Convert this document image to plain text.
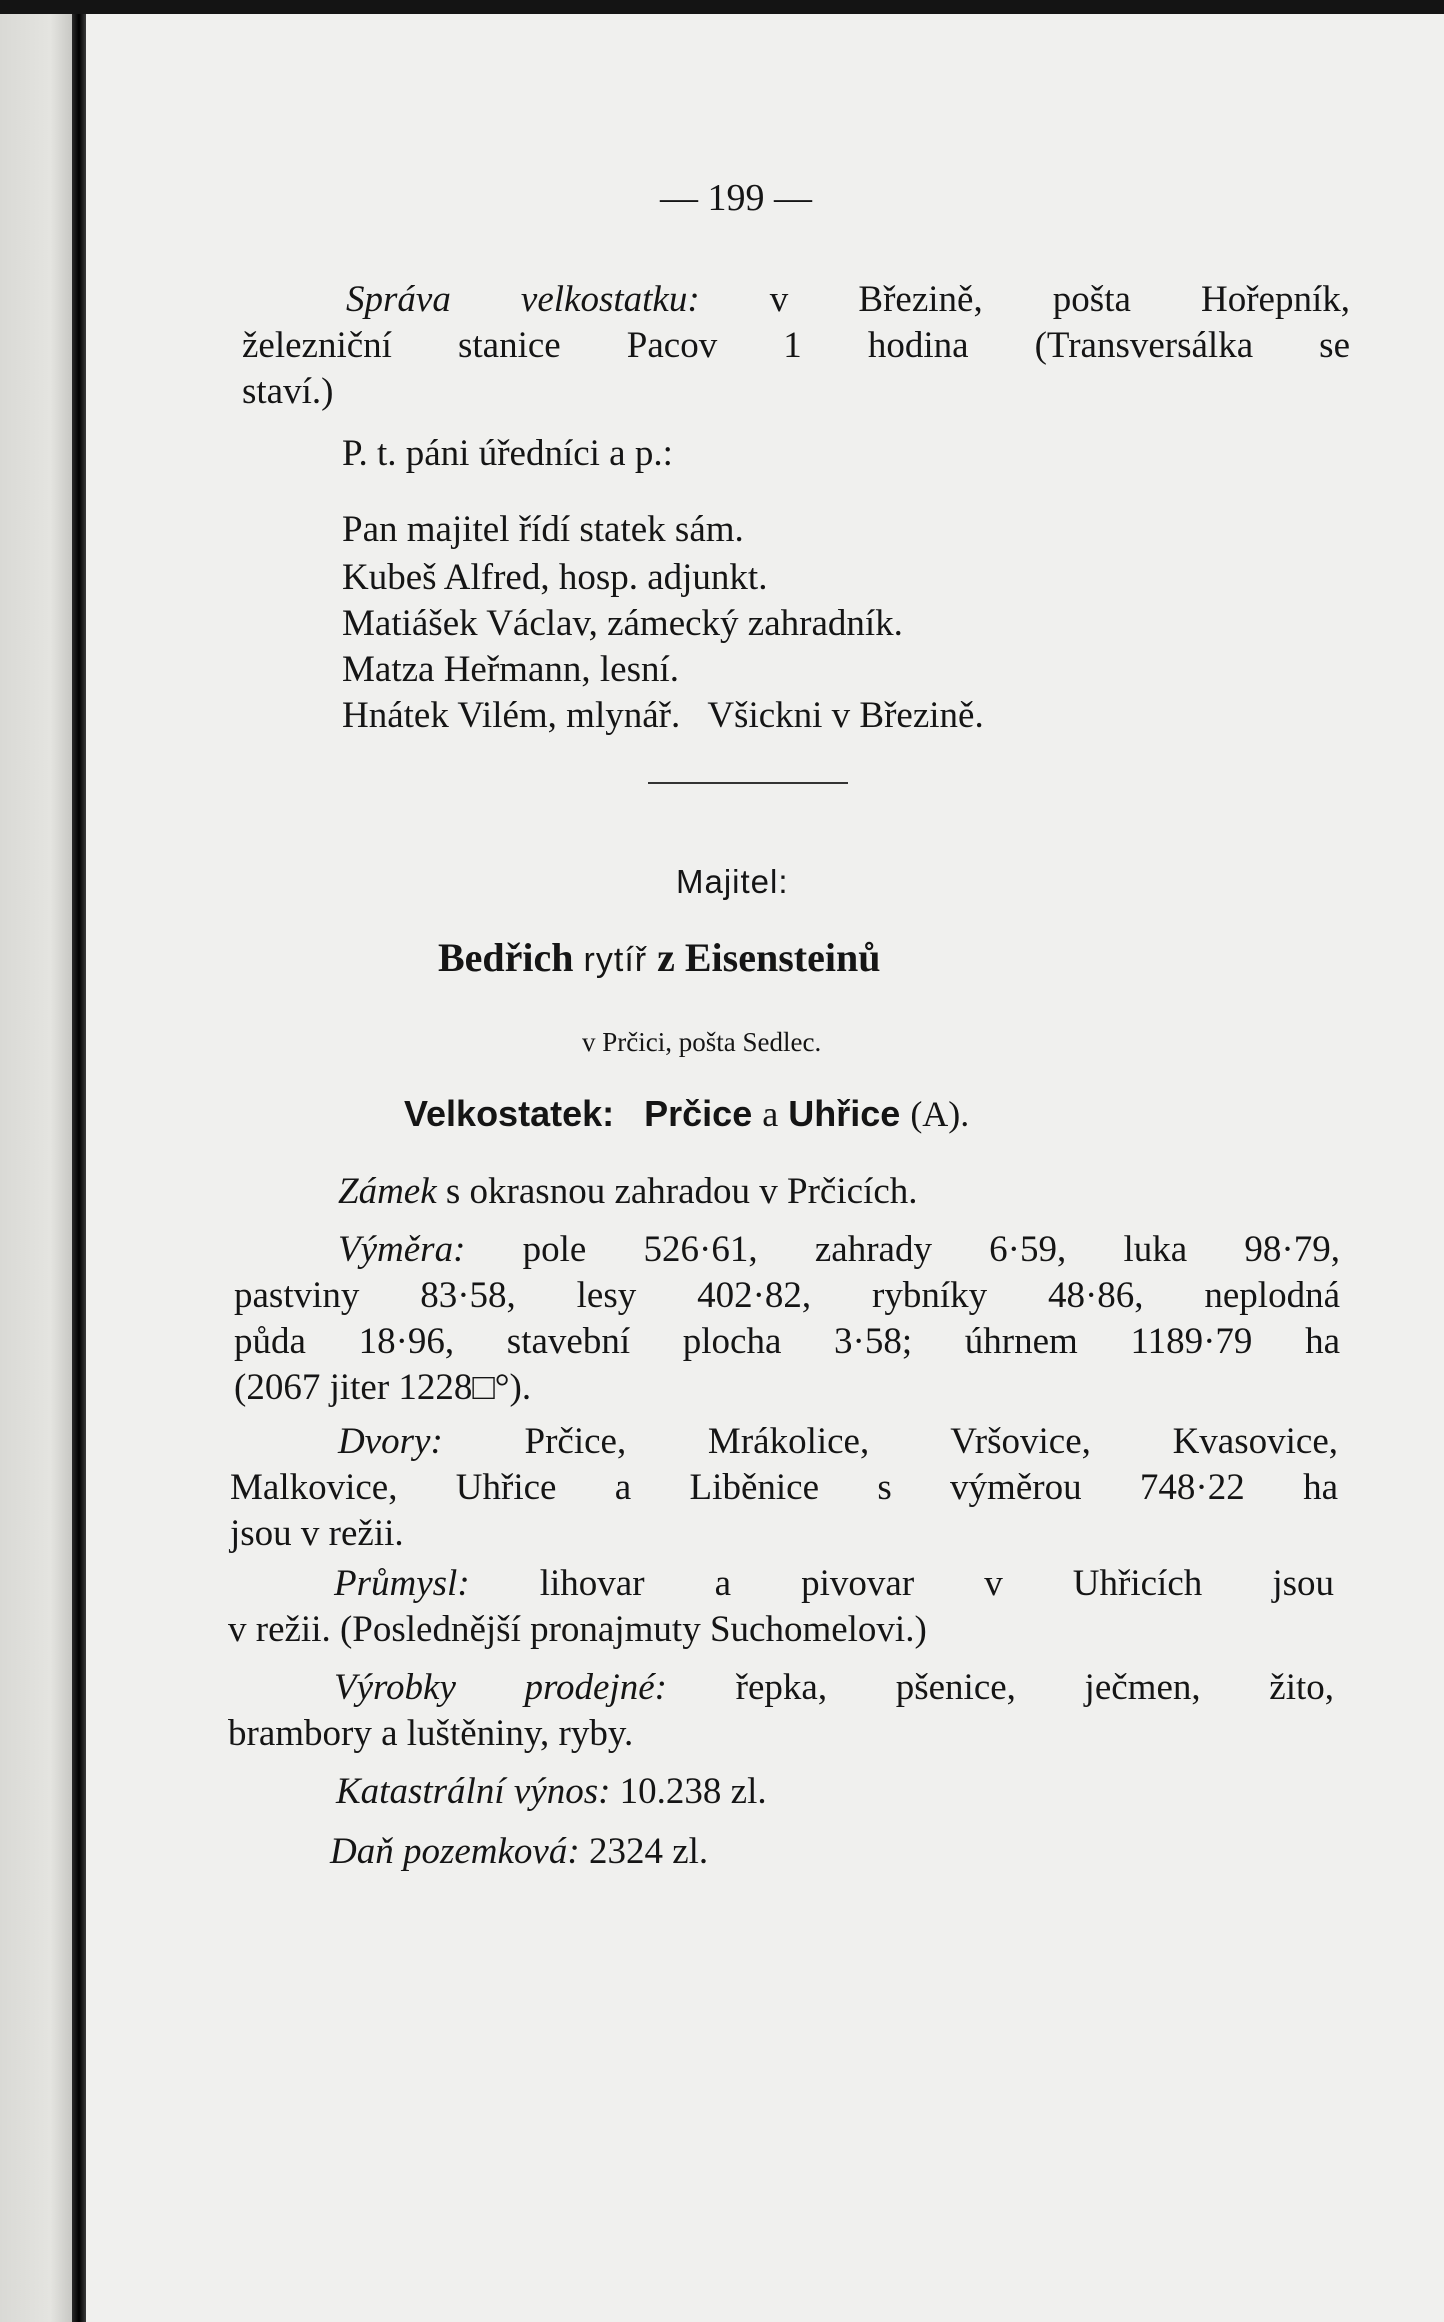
— 199 —
Správa velkostatku: v Březině, pošta Hořepník,
železniční stanice Pacov 1 hodina (Transversálka se
staví.)
P. t. páni úředníci a p.:
Pan majitel řídí statek sám.
Kubeš Alfred, hosp. adjunkt.
Matiášek Václav, zámecký zahradník.
Matza Heřmann, lesní.
Hnátek Vilém, mlynář.   Všickni v Březině.
Majitel:
Bedřich rytíř z Eisensteinů
v Prčici, pošta Sedlec.
Velkostatek: Prčice a Uhřice (A).
Zámek s okrasnou zahradou v Prčicích.
Výměra: pole 526·61, zahrady 6·59, luka 98·79,
pastviny 83·58, lesy 402·82, rybníky 48·86, neplodná
půda 18·96, stavební plocha 3·58; úhrnem 1189·79 ha
(2067 jiter 1228□°).
Dvory: Prčice, Mrákolice, Vršovice, Kvasovice,
Malkovice, Uhřice a Liběnice s výměrou 748·22 ha
jsou v režii.
Průmysl: lihovar a pivovar v Uhřicích jsou
v režii. (Poslednější pronajmuty Suchomelovi.)
Výrobky prodejné: řepka, pšenice, ječmen, žito,
brambory a luštěniny, ryby.
Katastrální výnos: 10.238 zl.
Daň pozemková: 2324 zl.
